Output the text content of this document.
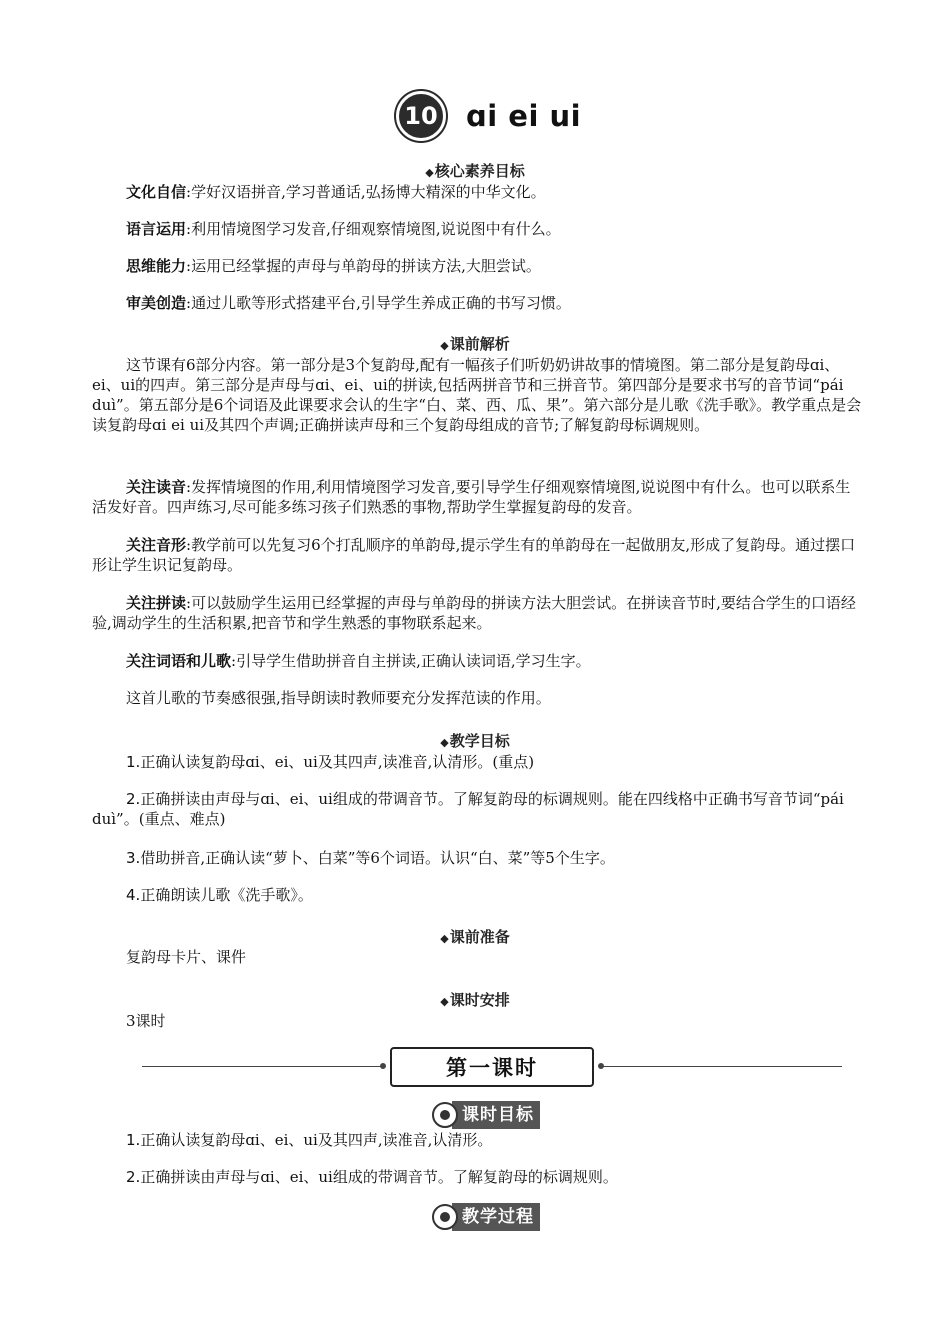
10 ɑi ei ui
◆核心素养目标

文化自信:学好汉语拼音,学习普通话,弘扬博大精深的中华文化。

语言运用:利用情境图学习发音,仔细观察情境图,说说图中有什么。

思维能力:运用已经掌握的声母与单韵母的拼读方法,大胆尝试。

审美创造:通过儿歌等形式搭建平台,引导学生养成正确的书写习惯。

◆课前解析

这节课有6部分内容。第一部分是3个复韵母,配有一幅孩子们听奶奶讲故事的情境图。第二部分是复韵母ɑi、ei、ui的四声。第三部分是声母与ɑi、ei、ui的拼读,包括两拼音节和三拼音节。第四部分是要求书写的音节词“pái duì”。第五部分是6个词语及此课要求会认的生字“白、菜、西、瓜、果”。第六部分是儿歌《洗手歌》。教学重点是会读复韵母ɑi ei ui及其四个声调;正确拼读声母和三个复韵母组成的音节;了解复韵母标调规则。

关注读音:发挥情境图的作用,利用情境图学习发音,要引导学生仔细观察情境图,说说图中有什么。也可以联系生活发好音。四声练习,尽可能多练习孩子们熟悉的事物,帮助学生掌握复韵母的发音。

关注音形:教学前可以先复习6个打乱顺序的单韵母,提示学生有的单韵母在一起做朋友,形成了复韵母。通过摆口形让学生识记复韵母。

关注拼读:可以鼓励学生运用已经掌握的声母与单韵母的拼读方法大胆尝试。在拼读音节时,要结合学生的口语经验,调动学生的生活积累,把音节和学生熟悉的事物联系起来。

关注词语和儿歌:引导学生借助拼音自主拼读,正确认读词语,学习生字。

这首儿歌的节奏感很强,指导朗读时教师要充分发挥范读的作用。

◆教学目标

1.正确认读复韵母ɑi、ei、ui及其四声,读准音,认清形。(重点)

2.正确拼读由声母与ɑi、ei、ui组成的带调音节。了解复韵母的标调规则。能在四线格中正确书写音节词“pái duì”。(重点、难点)

3.借助拼音,正确认读“萝卜、白菜”等6个词语。认识“白、菜”等5个生字。

4.正确朗读儿歌《洗手歌》。

◆课前准备

复韵母卡片、课件

◆课时安排

3课时

第一课时
课时目标

1.正确认读复韵母ɑi、ei、ui及其四声,读准音,认清形。

2.正确拼读由声母与ɑi、ei、ui组成的带调音节。了解复韵母的标调规则。

教学过程
